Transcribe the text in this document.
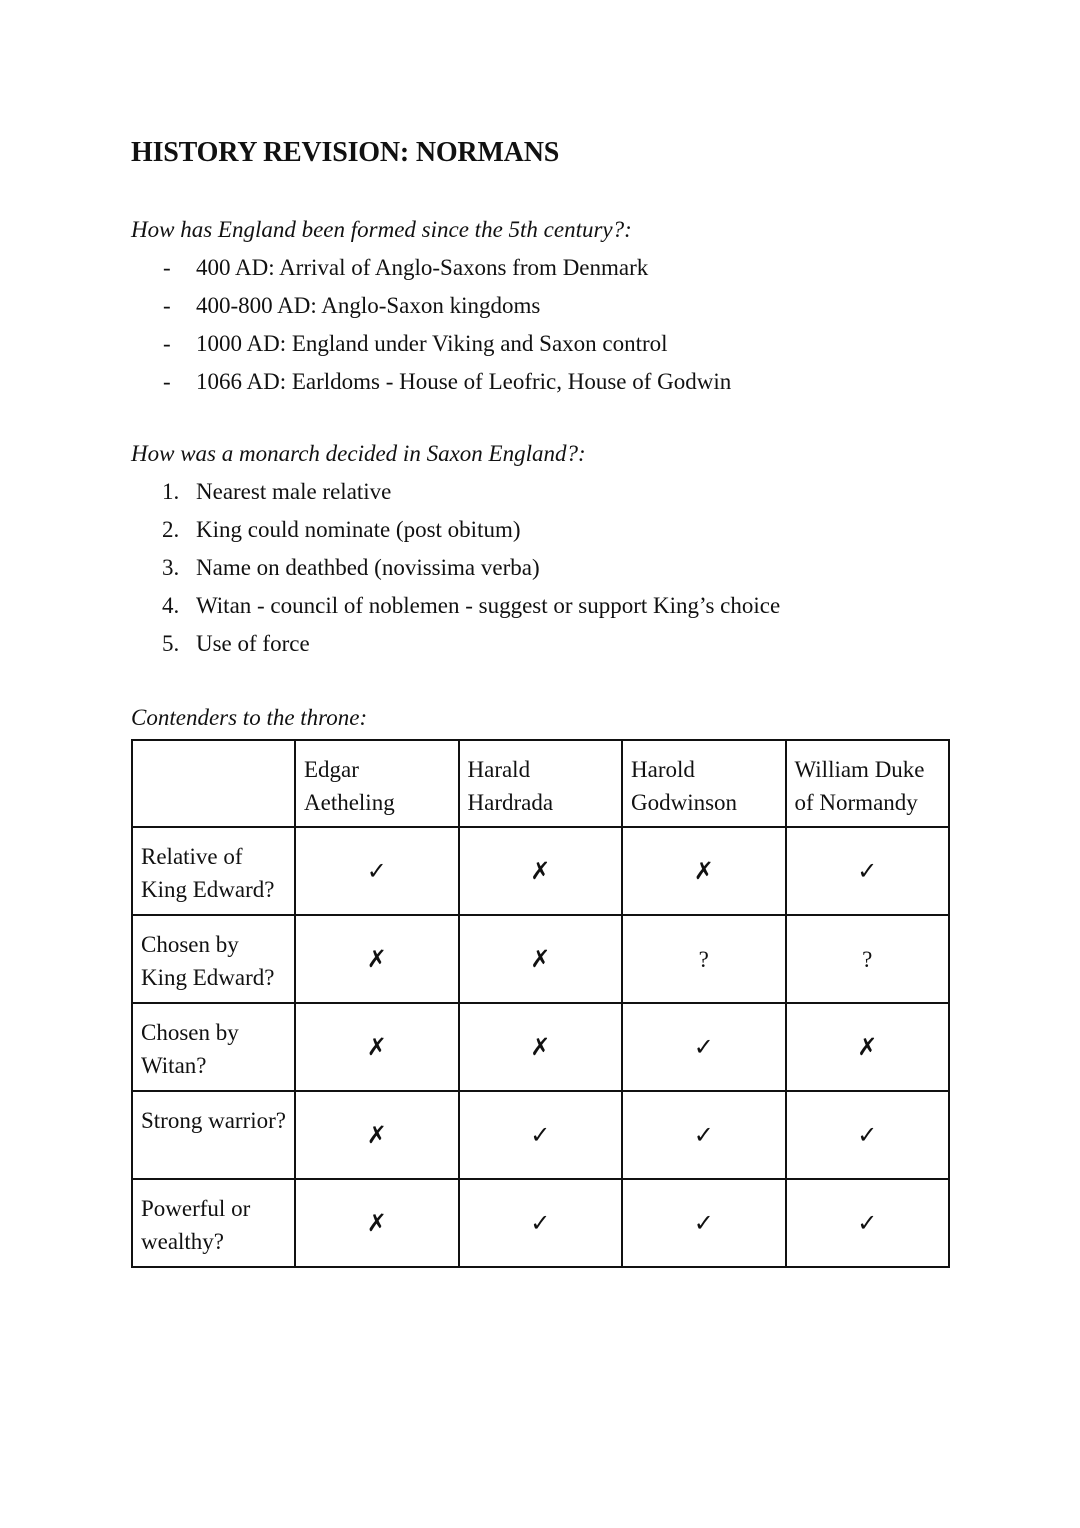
HISTORY REVISION: NORMANS

How has England been formed since the 5th century?:

- 400 AD: Arrival of Anglo-Saxons from Denmark
- 400-800 AD: Anglo-Saxon kingdoms
- 1000 AD: England under Viking and Saxon control
- 1066 AD: Earldoms - House of Leofric, House of Godwin

How was a monarch decided in Saxon England?:

1. Nearest male relative
2. King could nominate (post obitum)
3. Name on deathbed (novissima verba)
4. Witan - council of noblemen - suggest or support King’s choice
5. Use of force

Contenders to the throne:

	Edgar Aetheling	Harald Hardrada	Harold Godwinson	William Duke of Normandy
Relative of King Edward?	✓	✗	✗	✓
Chosen by King Edward?	✗	✗	?	?
Chosen by Witan?	✗	✗	✓	✗
Strong warrior?	✗	✓	✓	✓
Powerful or wealthy?	✗	✓	✓	✓
